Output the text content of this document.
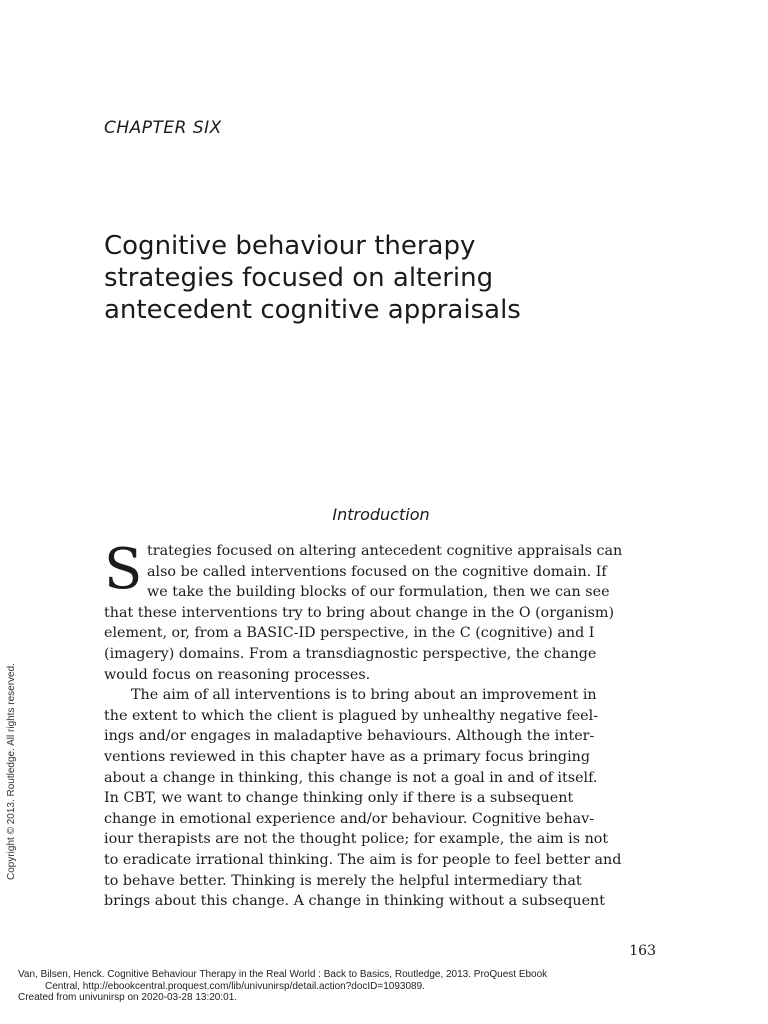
CHAPTER SIX
Cognitive behaviour therapy
strategies focused on altering
antecedent cognitive appraisals
Introduction
S trategies focused on altering antecedent cognitive appraisals can
also be called interventions focused on the cognitive domain. If
we take the building blocks of our formulation, then we can see
that these interventions try to bring about change in the O (organism)
element, or, from a BASIC-ID perspective, in the C (cognitive) and I
(imagery) domains. From a transdiagnostic perspective, the change
would focus on reasoning processes.
The aim of all interventions is to bring about an improvement in
the extent to which the client is plagued by unhealthy negative feel-
ings and/or engages in maladaptive behaviours. Although the inter-
ventions reviewed in this chapter have as a primary focus bringing
about a change in thinking, this change is not a goal in and of itself.
In CBT, we want to change thinking only if there is a subsequent
change in emotional experience and/or behaviour. Cognitive behav-
iour therapists are not the thought police; for example, the aim is not
to eradicate irrational thinking. The aim is for people to feel better and
to behave better. Thinking is merely the helpful intermediary that
brings about this change. A change in thinking without a subsequent
163
Copyright © 2013. Routledge. All rights reserved.
Van, Bilsen, Henck. Cognitive Behaviour Therapy in the Real World : Back to Basics, Routledge, 2013. ProQuest Ebook
Central, http://ebookcentral.proquest.com/lib/univunirsp/detail.action?docID=1093089.
Created from univunirsp on 2020-03-28 13:20:01.
